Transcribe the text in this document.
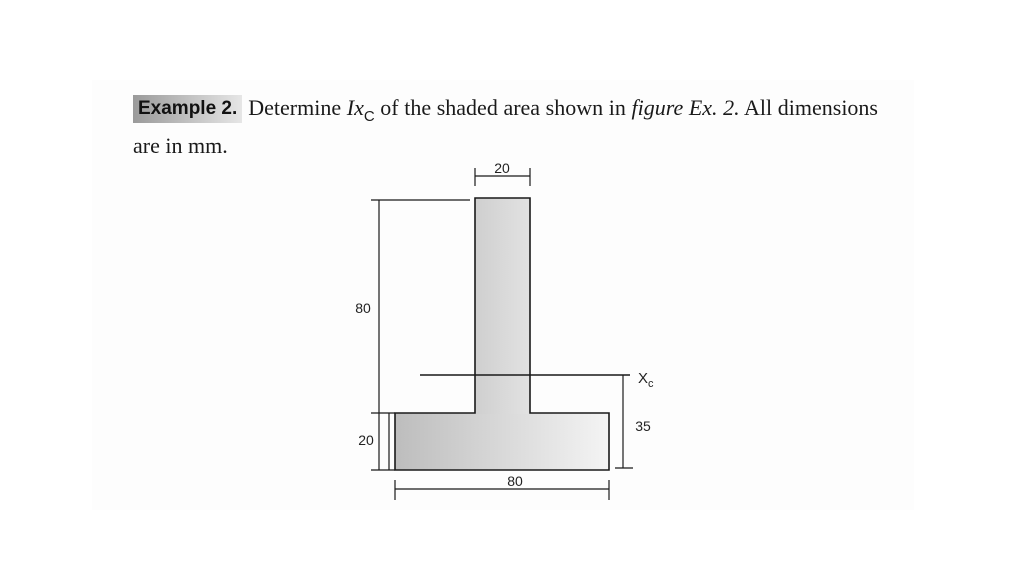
Example 2. Determine $Ix_C$ of the shaded area shown in figure Ex. 2. All dimensions are in mm.
20
80
20
$X_c$
35
80
